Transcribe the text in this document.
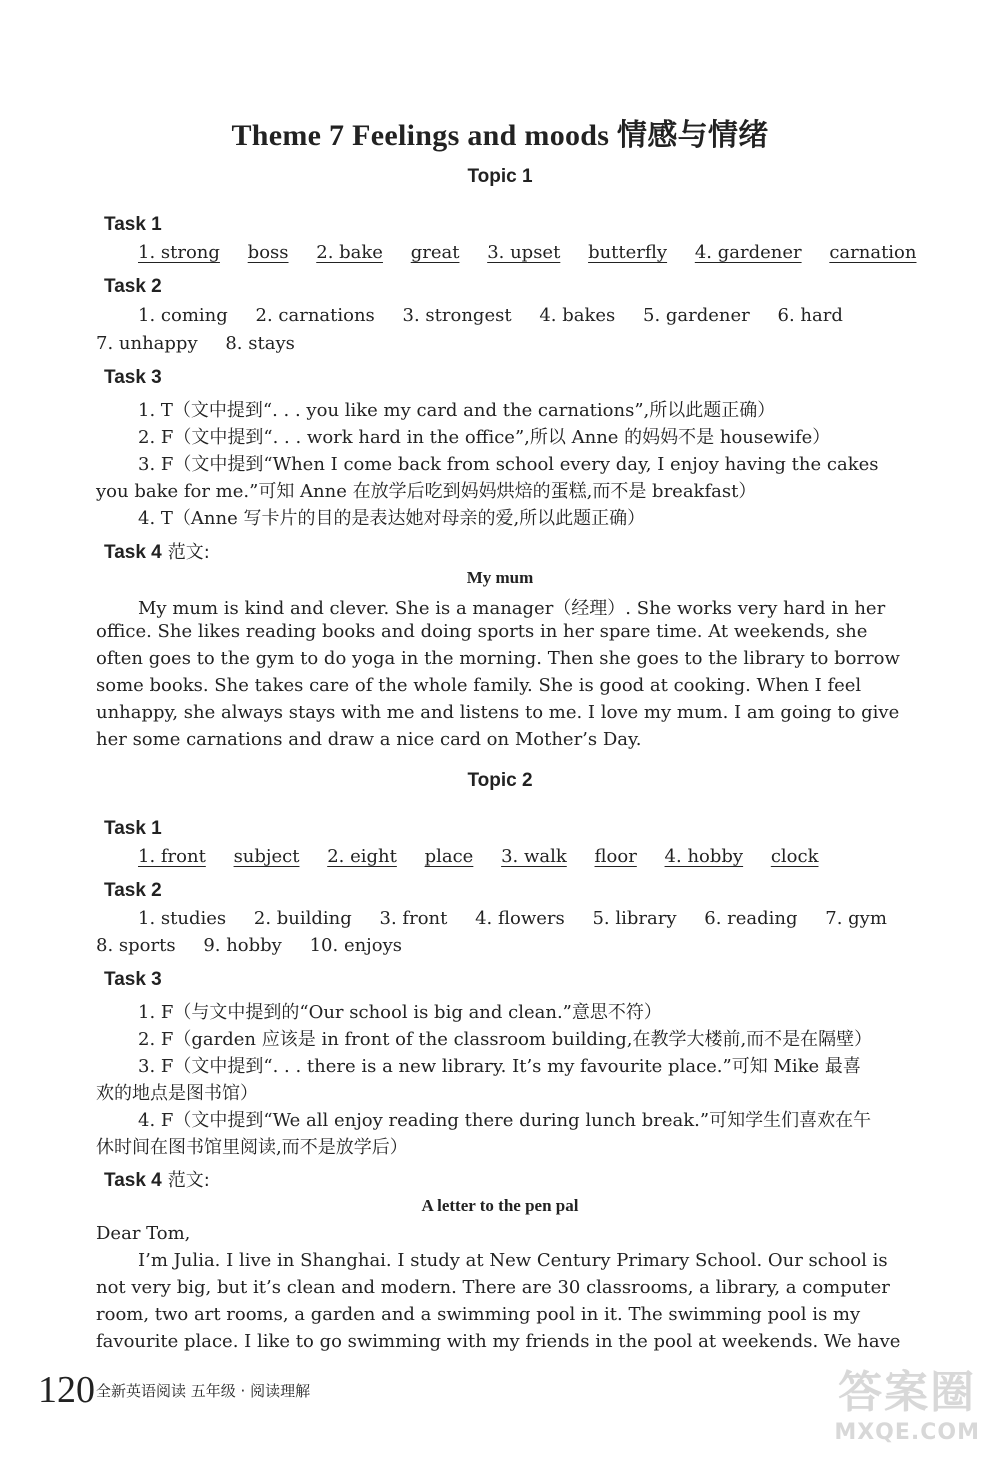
Theme 7 Feelings and moods 情感与情绪
Topic 1
Task 1
1. strong boss 2. bake great 3. upset butterfly 4. gardener carnation
Task 2
1. coming 2. carnations 3. strongest 4. bakes 5. gardener 6. hard
7. unhappy 8. stays
Task 3
1. T（文中提到“. . . you like my card and the carnations”,所以此题正确）
2. F（文中提到“. . . work hard in the office”,所以 Anne 的妈妈不是 housewife）
3. F（文中提到“When I come back from school every day, I enjoy having the cakes
you bake for me.”可知 Anne 在放学后吃到妈妈烘焙的蛋糕,而不是 breakfast）
4. T（Anne 写卡片的目的是表达她对母亲的爱,所以此题正确）
Task 4 范文:
My mum
My mum is kind and clever. She is a manager（经理）. She works very hard in her
office. She likes reading books and doing sports in her spare time. At weekends, she
often goes to the gym to do yoga in the morning. Then she goes to the library to borrow
some books. She takes care of the whole family. She is good at cooking. When I feel
unhappy, she always stays with me and listens to me. I love my mum. I am going to give
her some carnations and draw a nice card on Mother’s Day.
Topic 2
Task 1
1. front subject 2. eight place 3. walk floor 4. hobby clock
Task 2
1. studies 2. building 3. front 4. flowers 5. library 6. reading 7. gym
8. sports 9. hobby 10. enjoys
Task 3
1. F（与文中提到的“Our school is big and clean.”意思不符）
2. F（garden 应该是 in front of the classroom building,在教学大楼前,而不是在隔壁）
3. F（文中提到“. . . there is a new library. It’s my favourite place.”可知 Mike 最喜
欢的地点是图书馆）
4. F（文中提到“We all enjoy reading there during lunch break.”可知学生们喜欢在午
休时间在图书馆里阅读,而不是放学后）
Task 4 范文:
A letter to the pen pal
Dear Tom,
I’m Julia. I live in Shanghai. I study at New Century Primary School. Our school is
not very big, but it’s clean and modern. There are 30 classrooms, a library, a computer
room, two art rooms, a garden and a swimming pool in it. The swimming pool is my
favourite place. I like to go swimming with my friends in the pool at weekends. We have
120 全新英语阅读 五年级 · 阅读理解	答案圈
MXQE.COM
